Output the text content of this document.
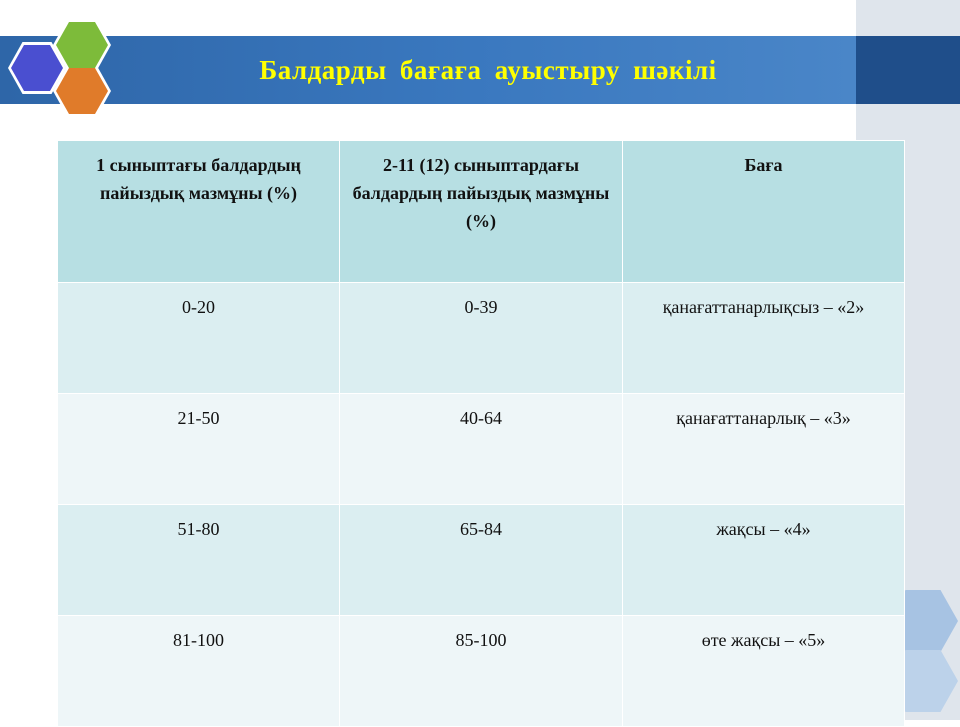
Балдарды бағаға ауыстыру шәкілі
1 сыныптағы балдардың пайыздық мазмұны (%)	2-11 (12) сыныптардағы балдардың пайыздық мазмұны (%)	Баға
0-20	0-39	қанағаттанарлықсыз – «2»
21-50	40-64	қанағаттанарлық – «3»
51-80	65-84	жақсы – «4»
81-100	85-100	өте жақсы – «5»
